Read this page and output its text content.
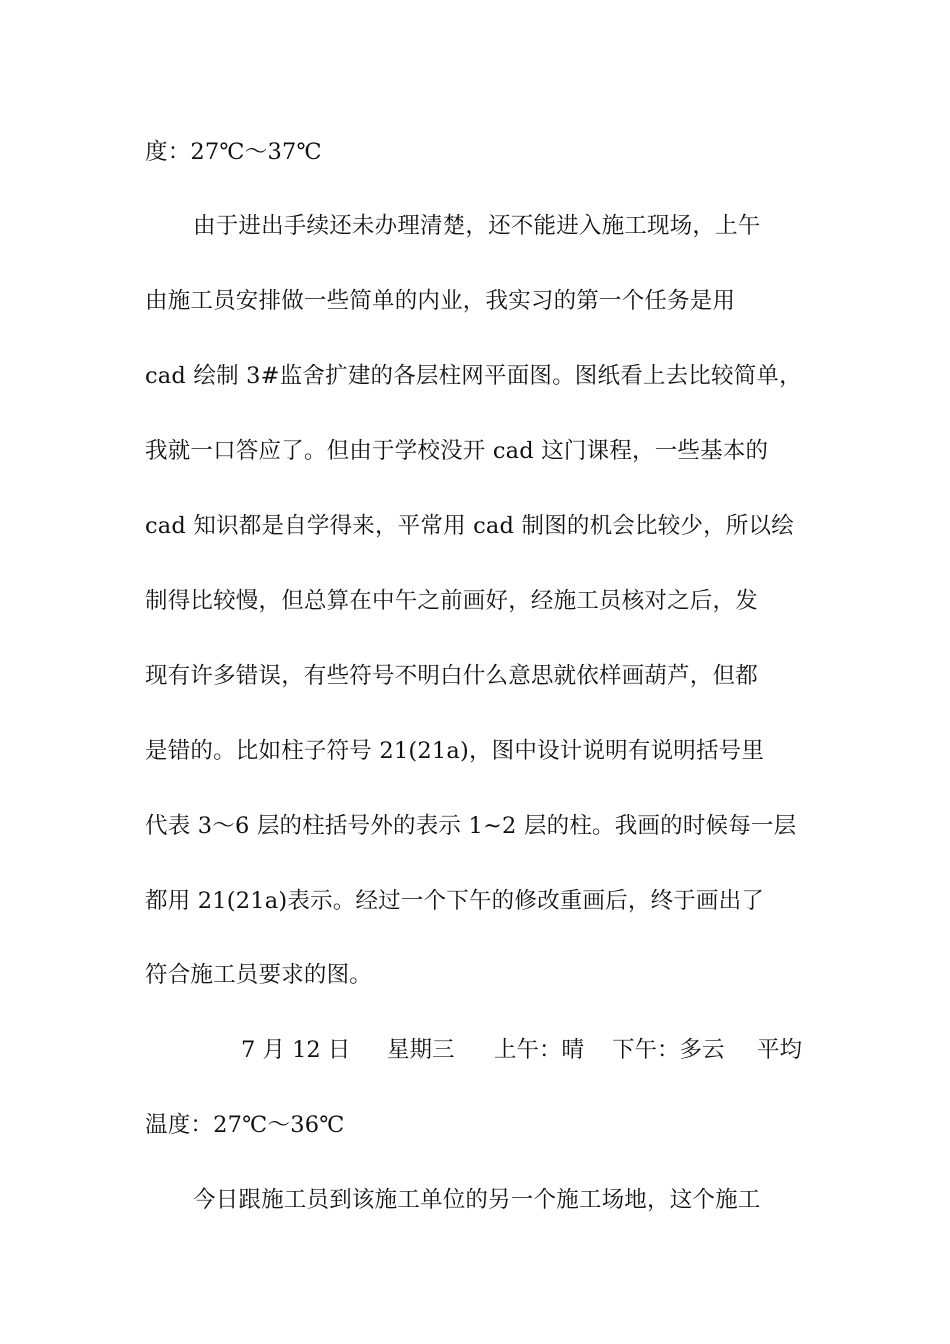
度：27℃～37℃
由于进出手续还未办理清楚，还不能进入施工现场，上午
由施工员安排做一些简单的内业，我实习的第一个任务是用
cad 绘制 3#监舍扩建的各层柱网平面图。图纸看上去比较简单，
我就一口答应了。但由于学校没开 cad 这门课程，一些基本的
cad 知识都是自学得来，平常用 cad 制图的机会比较少，所以绘
制得比较慢，但总算在中午之前画好，经施工员核对之后，发
现有许多错误，有些符号不明白什么意思就依样画葫芦，但都
是错的。比如柱子符号 21(21a)，图中设计说明有说明括号里
代表 3～6 层的柱括号外的表示 1~2 层的柱。我画的时候每一层
都用 21(21a)表示。经过一个下午的修改重画后，终于画出了
符合施工员要求的图。
7 月 12 日 星期三 上午：晴 下午：多云 平均
温度：27℃～36℃
今日跟施工员到该施工单位的另一个施工场地，这个施工
